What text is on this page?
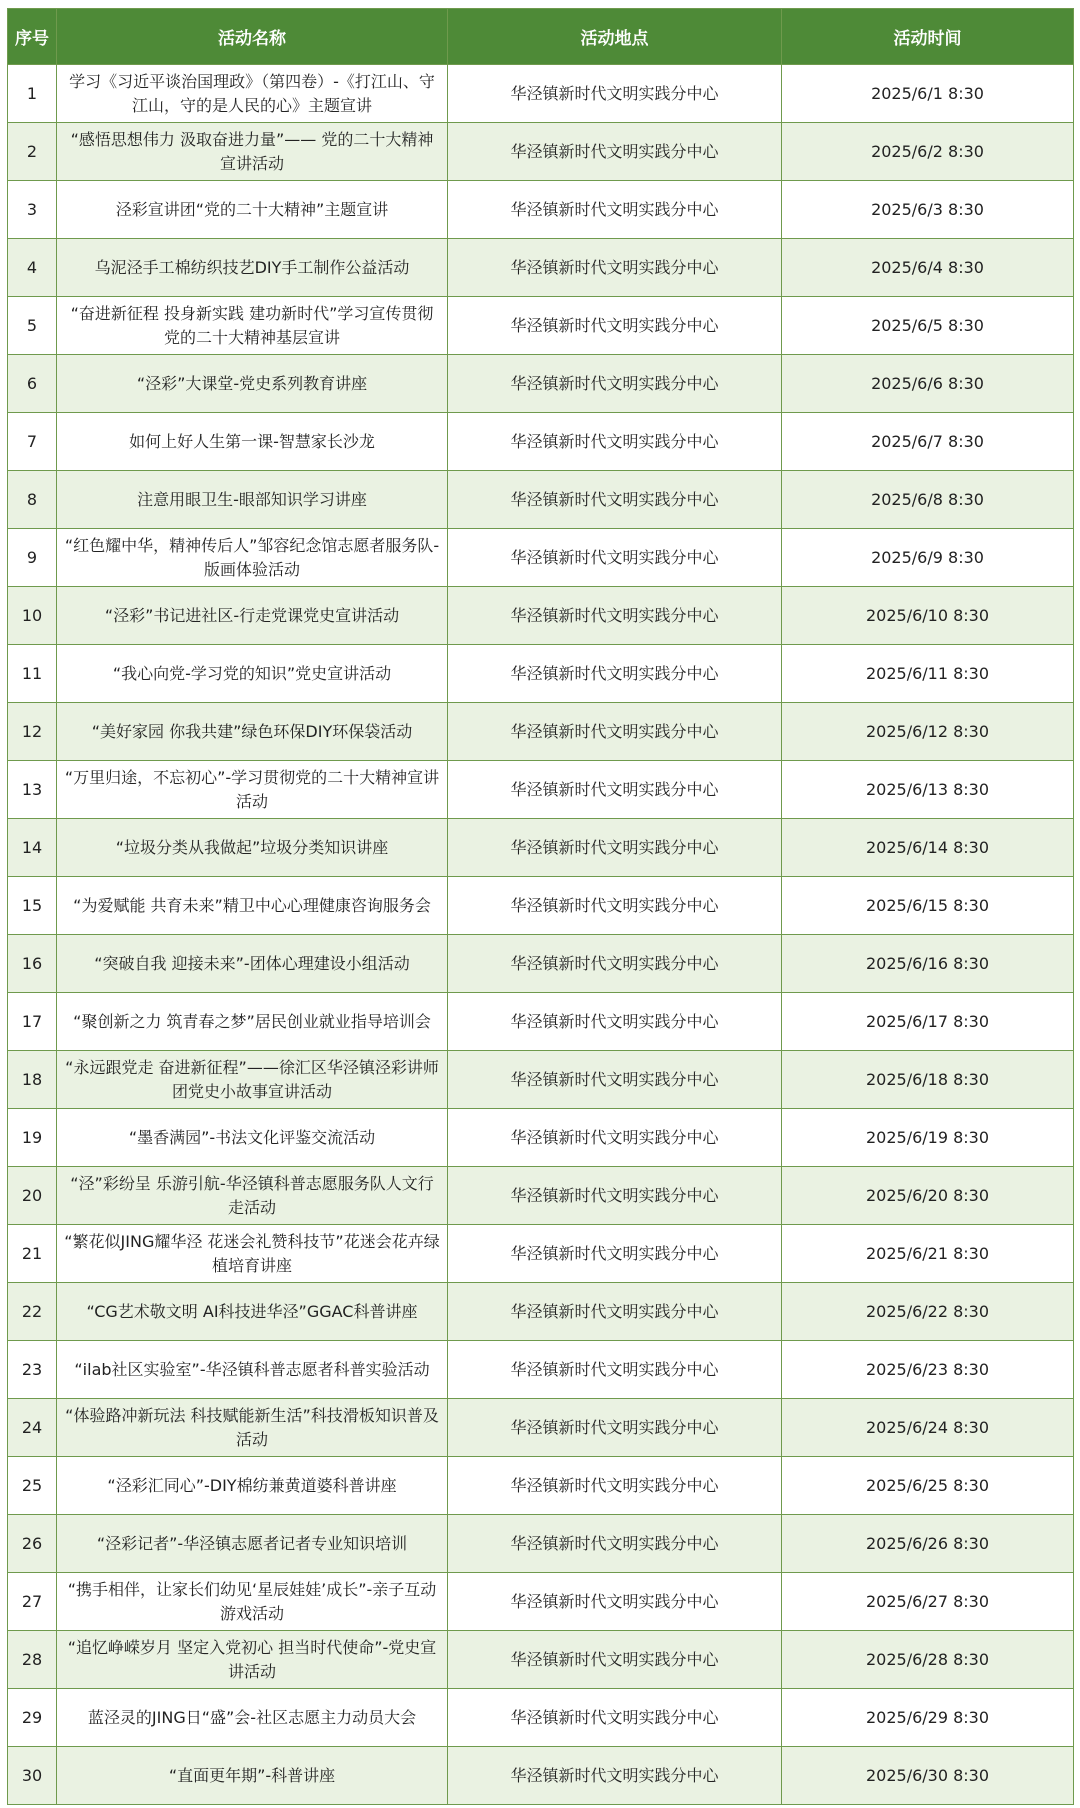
序号	活动名称	活动地点	活动时间
1	学习《习近平谈治国理政》（第四卷）-《打江山、守江山，守的是人民的心》主题宣讲	华泾镇新时代文明实践分中心	2025/6/1 8:30
2	“感悟思想伟力 汲取奋进力量”—— 党的二十大精神宣讲活动	华泾镇新时代文明实践分中心	2025/6/2 8:30
3	泾彩宣讲团“党的二十大精神”主题宣讲	华泾镇新时代文明实践分中心	2025/6/3 8:30
4	乌泥泾手工棉纺织技艺DIY手工制作公益活动	华泾镇新时代文明实践分中心	2025/6/4 8:30
5	“奋进新征程 投身新实践 建功新时代”学习宣传贯彻党的二十大精神基层宣讲	华泾镇新时代文明实践分中心	2025/6/5 8:30
6	“泾彩”大课堂-党史系列教育讲座	华泾镇新时代文明实践分中心	2025/6/6 8:30
7	如何上好人生第一课-智慧家长沙龙	华泾镇新时代文明实践分中心	2025/6/7 8:30
8	注意用眼卫生-眼部知识学习讲座	华泾镇新时代文明实践分中心	2025/6/8 8:30
9	“红色耀中华，精神传后人”邹容纪念馆志愿者服务队-版画体验活动	华泾镇新时代文明实践分中心	2025/6/9 8:30
10	“泾彩”书记进社区-行走党课党史宣讲活动	华泾镇新时代文明实践分中心	2025/6/10 8:30
11	“我心向党-学习党的知识”党史宣讲活动	华泾镇新时代文明实践分中心	2025/6/11 8:30
12	“美好家园 你我共建”绿色环保DIY环保袋活动	华泾镇新时代文明实践分中心	2025/6/12 8:30
13	“万里归途，不忘初心”-学习贯彻党的二十大精神宣讲活动	华泾镇新时代文明实践分中心	2025/6/13 8:30
14	“垃圾分类从我做起”垃圾分类知识讲座	华泾镇新时代文明实践分中心	2025/6/14 8:30
15	“为爱赋能 共育未来”精卫中心心理健康咨询服务会	华泾镇新时代文明实践分中心	2025/6/15 8:30
16	“突破自我 迎接未来”-团体心理建设小组活动	华泾镇新时代文明实践分中心	2025/6/16 8:30
17	“聚创新之力 筑青春之梦”居民创业就业指导培训会	华泾镇新时代文明实践分中心	2025/6/17 8:30
18	“永远跟党走 奋进新征程”——徐汇区华泾镇泾彩讲师团党史小故事宣讲活动	华泾镇新时代文明实践分中心	2025/6/18 8:30
19	“墨香满园”-书法文化评鉴交流活动	华泾镇新时代文明实践分中心	2025/6/19 8:30
20	“泾”彩纷呈 乐游引航-华泾镇科普志愿服务队人文行走活动	华泾镇新时代文明实践分中心	2025/6/20 8:30
21	“繁花似JING耀华泾 花迷会礼赞科技节”花迷会花卉绿植培育讲座	华泾镇新时代文明实践分中心	2025/6/21 8:30
22	“CG艺术敬文明 AI科技进华泾”GGAC科普讲座	华泾镇新时代文明实践分中心	2025/6/22 8:30
23	“ilab社区实验室”-华泾镇科普志愿者科普实验活动	华泾镇新时代文明实践分中心	2025/6/23 8:30
24	“体验路冲新玩法 科技赋能新生活”科技滑板知识普及活动	华泾镇新时代文明实践分中心	2025/6/24 8:30
25	“泾彩汇同心”-DIY棉纺兼黄道婆科普讲座	华泾镇新时代文明实践分中心	2025/6/25 8:30
26	“泾彩记者”-华泾镇志愿者记者专业知识培训	华泾镇新时代文明实践分中心	2025/6/26 8:30
27	“携手相伴，让家长们幼见‘星辰娃娃’成长”-亲子互动游戏活动	华泾镇新时代文明实践分中心	2025/6/27 8:30
28	“追忆峥嵘岁月 坚定入党初心 担当时代使命”-党史宣讲活动	华泾镇新时代文明实践分中心	2025/6/28 8:30
29	蓝泾灵的JING日“盛”会-社区志愿主力动员大会	华泾镇新时代文明实践分中心	2025/6/29 8:30
30	“直面更年期”-科普讲座	华泾镇新时代文明实践分中心	2025/6/30 8:30
